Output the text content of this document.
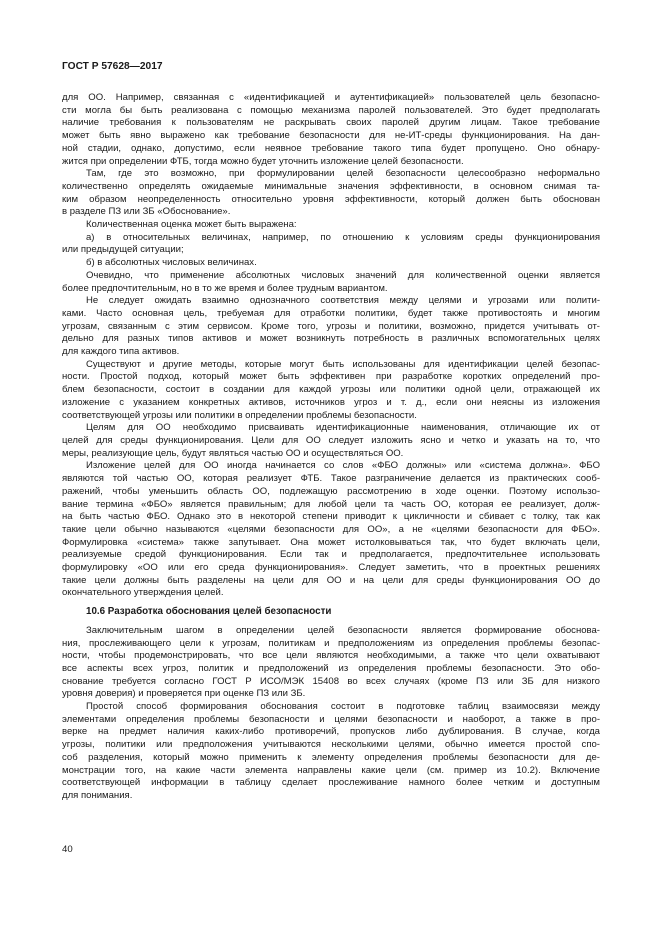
ГОСТ Р 57628—2017
для ОО. Например, связанная с «идентификацией и аутентификацией» пользователей цель безопасно-
сти могла бы быть реализована с помощью механизма паролей пользователей. Это будет предполагать
наличие требования к пользователям не раскрывать своих паролей другим лицам. Такое требование
может быть явно выражено как требование безопасности для не-ИТ-среды функционирования. На дан-
ной стадии, однако, допустимо, если неявное требование такого типа будет пропущено. Оно обнару-
жится при определении ФТБ, тогда можно будет уточнить изложение целей безопасности.
Там, где это возможно, при формулировании целей безопасности целесообразно неформально
количественно определять ожидаемые минимальные значения эффективности, в основном снимая та-
ким образом неопределенность относительно уровня эффективности, который должен быть обоснован
в разделе ПЗ или ЗБ «Обоснование».
Количественная оценка может быть выражена:
а) в относительных величинах, например, по отношению к условиям среды функционирования
или предыдущей ситуации;
б) в абсолютных числовых величинах.
Очевидно, что применение абсолютных числовых значений для количественной оценки является
более предпочтительным, но в то же время и более трудным вариантом.
Не следует ожидать взаимно однозначного соответствия между целями и угрозами или полити-
ками. Часто основная цель, требуемая для отработки политики, будет также противостоять и многим
угрозам, связанным с этим сервисом. Кроме того, угрозы и политики, возможно, придется учитывать от-
дельно для разных типов активов и может возникнуть потребность в различных вспомогательных целях
для каждого типа активов.
Существуют и другие методы, которые могут быть использованы для идентификации целей безопас-
ности. Простой подход, который может быть эффективен при разработке коротких определений про-
блем безопасности, состоит в создании для каждой угрозы или политики одной цели, отражающей их
изложение с указанием конкретных активов, источников угроз и т. д., если они неясны из изложения
соответствующей угрозы или политики в определении проблемы безопасности.
Целям для ОО необходимо присваивать идентификационные наименования, отличающие их от
целей для среды функционирования. Цели для ОО следует изложить ясно и четко и указать на то, что
меры, реализующие цель, будут являться частью ОО и осуществляться ОО.
Изложение целей для ОО иногда начинается со слов «ФБО должны» или «система должна». ФБО
являются той частью ОО, которая реализует ФТБ. Такое разграничение делается из практических сооб-
ражений, чтобы уменьшить область ОО, подлежащую рассмотрению в ходе оценки. Поэтому использо-
вание термина «ФБО» является правильным; для любой цели та часть ОО, которая ее реализует, долж-
на быть частью ФБО. Однако это в некоторой степени приводит к цикличности и сбивает с толку, так как
такие цели обычно называются «целями безопасности для ОО», а не «целями безопасности для ФБО».
Формулировка «система» также запутывает. Она может истолковываться так, что будет включать цели,
реализуемые средой функционирования. Если так и предполагается, предпочтительнее использовать
формулировку «ОО или его среда функционирования». Следует заметить, что в проектных решениях
такие цели должны быть разделены на цели для ОО и на цели для среды функционирования ОО до
окончательного утверждения целей.
10.6 Разработка обоснования целей безопасности
Заключительным шагом в определении целей безопасности является формирование обоснова-
ния, прослеживающего цели к угрозам, политикам и предположениям из определения проблемы безопас-
ности, чтобы продемонстрировать, что все цели являются необходимыми, а также что цели охватывают
все аспекты всех угроз, политик и предположений из определения проблемы безопасности. Это обо-
снование требуется согласно ГОСТ Р ИСО/МЭК 15408 во всех случаях (кроме ПЗ или ЗБ для низкого
уровня доверия) и проверяется при оценке ПЗ или ЗБ.
Простой способ формирования обоснования состоит в подготовке таблиц взаимосвязи между
элементами определения проблемы безопасности и целями безопасности и наоборот, а также в про-
верке на предмет наличия каких-либо противоречий, пропусков либо дублирования. В случае, когда
угрозы, политики или предположения учитываются несколькими целями, обычно имеется простой спо-
соб разделения, который можно применить к элементу определения проблемы безопасности для де-
монстрации того, на какие части элемента направлены какие цели (см. пример из 10.2). Включение
соответствующей информации в таблицу сделает прослеживание намного более четким и доступным
для понимания.
40
